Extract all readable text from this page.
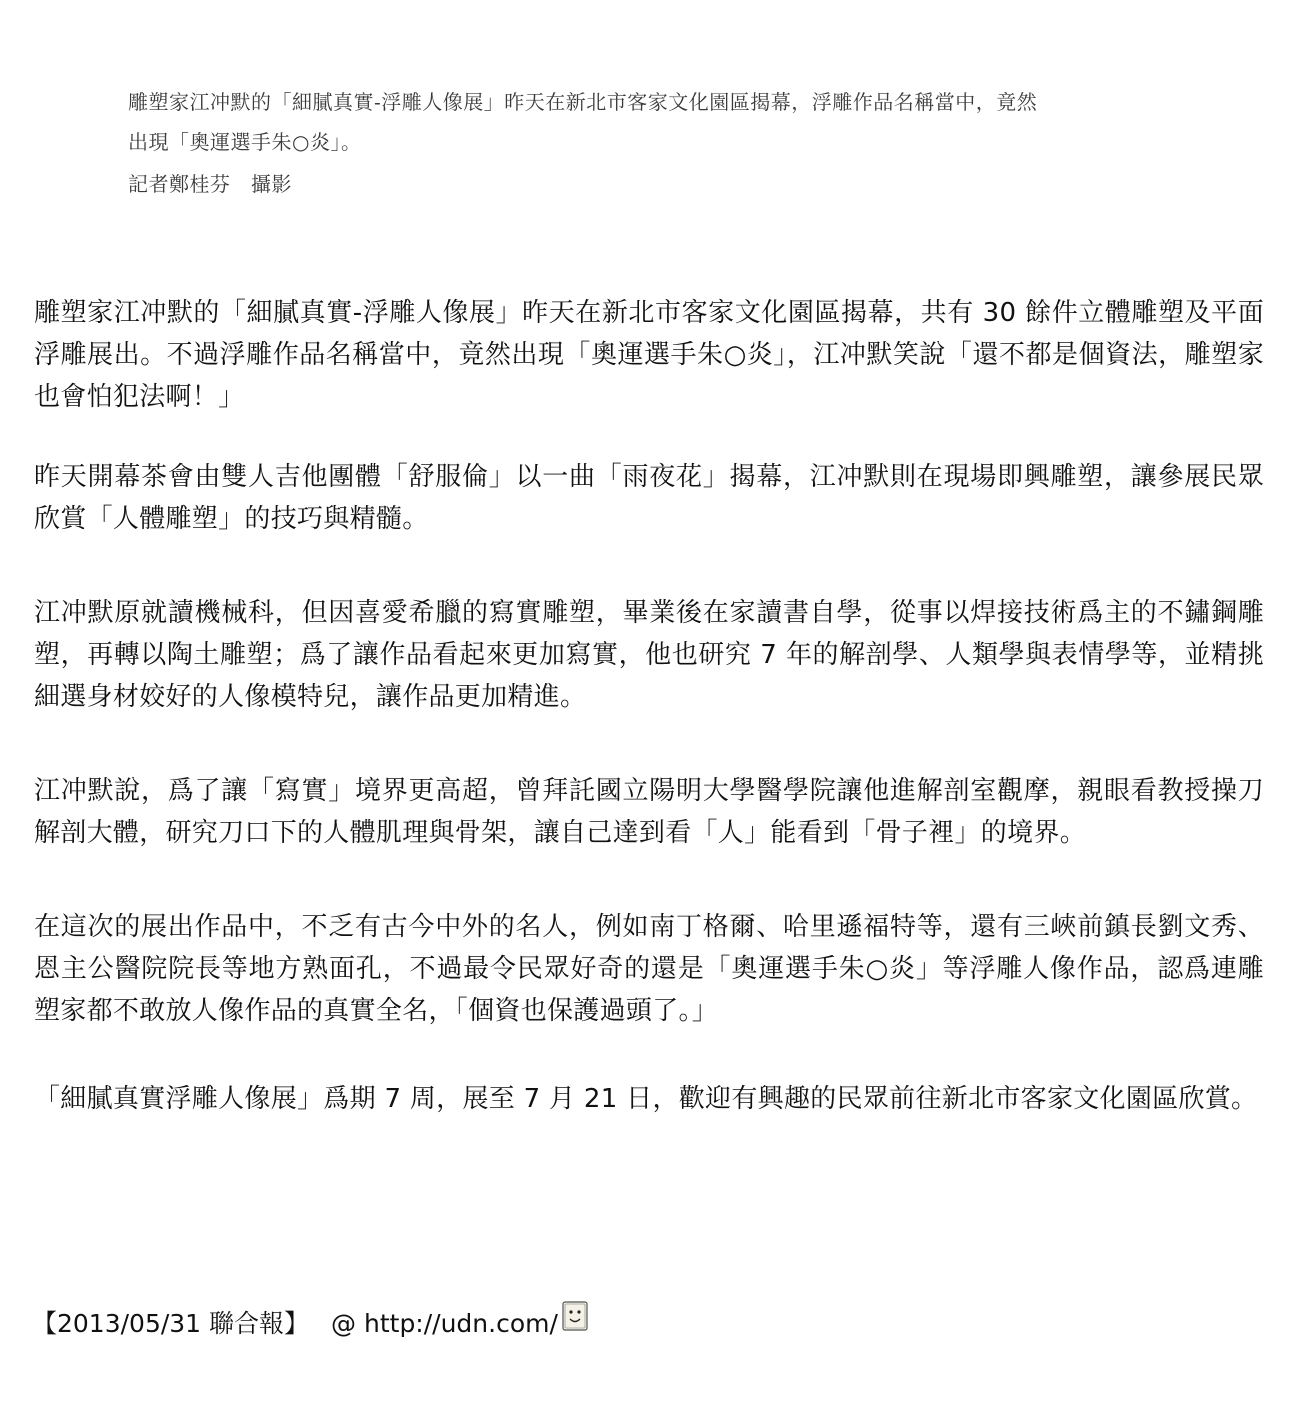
雕塑家江冲默的「細膩真實-浮雕人像展」昨天在新北市客家文化園區揭幕，浮雕作品名稱當中，竟然

出現「奧運選手朱○炎」。

記者鄭桂芬　攝影

雕塑家江冲默的「細膩真實-浮雕人像展」昨天在新北市客家文化園區揭幕，共有 30 餘件立體雕塑及平面浮雕展出。不過浮雕作品名稱當中，竟然出現「奧運選手朱○炎」，江冲默笑說「還不都是個資法，雕塑家也會怕犯法啊！」

昨天開幕茶會由雙人吉他團體「舒服倫」以一曲「雨夜花」揭幕，江冲默則在現場即興雕塑，讓參展民眾欣賞「人體雕塑」的技巧與精髓。

江冲默原就讀機械科，但因喜愛希臘的寫實雕塑，畢業後在家讀書自學，從事以焊接技術爲主的不鏽鋼雕塑，再轉以陶土雕塑；爲了讓作品看起來更加寫實，他也研究 7 年的解剖學、人類學與表情學等，並精挑細選身材姣好的人像模特兒，讓作品更加精進。

江冲默說，爲了讓「寫實」境界更高超，曾拜託國立陽明大學醫學院讓他進解剖室觀摩，親眼看教授操刀解剖大體，研究刀口下的人體肌理與骨架，讓自己達到看「人」能看到「骨子裡」的境界。

在這次的展出作品中，不乏有古今中外的名人，例如南丁格爾、哈里遜福特等，還有三峽前鎮長劉文秀、恩主公醫院院長等地方熟面孔，不過最令民眾好奇的還是「奧運選手朱○炎」等浮雕人像作品，認爲連雕塑家都不敢放人像作品的真實全名，「個資也保護過頭了。」

「細膩真實浮雕人像展」爲期 7 周，展至 7 月 21 日，歡迎有興趣的民眾前往新北市客家文化園區欣賞。

【2013/05/31 聯合報】 @ http://udn.com/
